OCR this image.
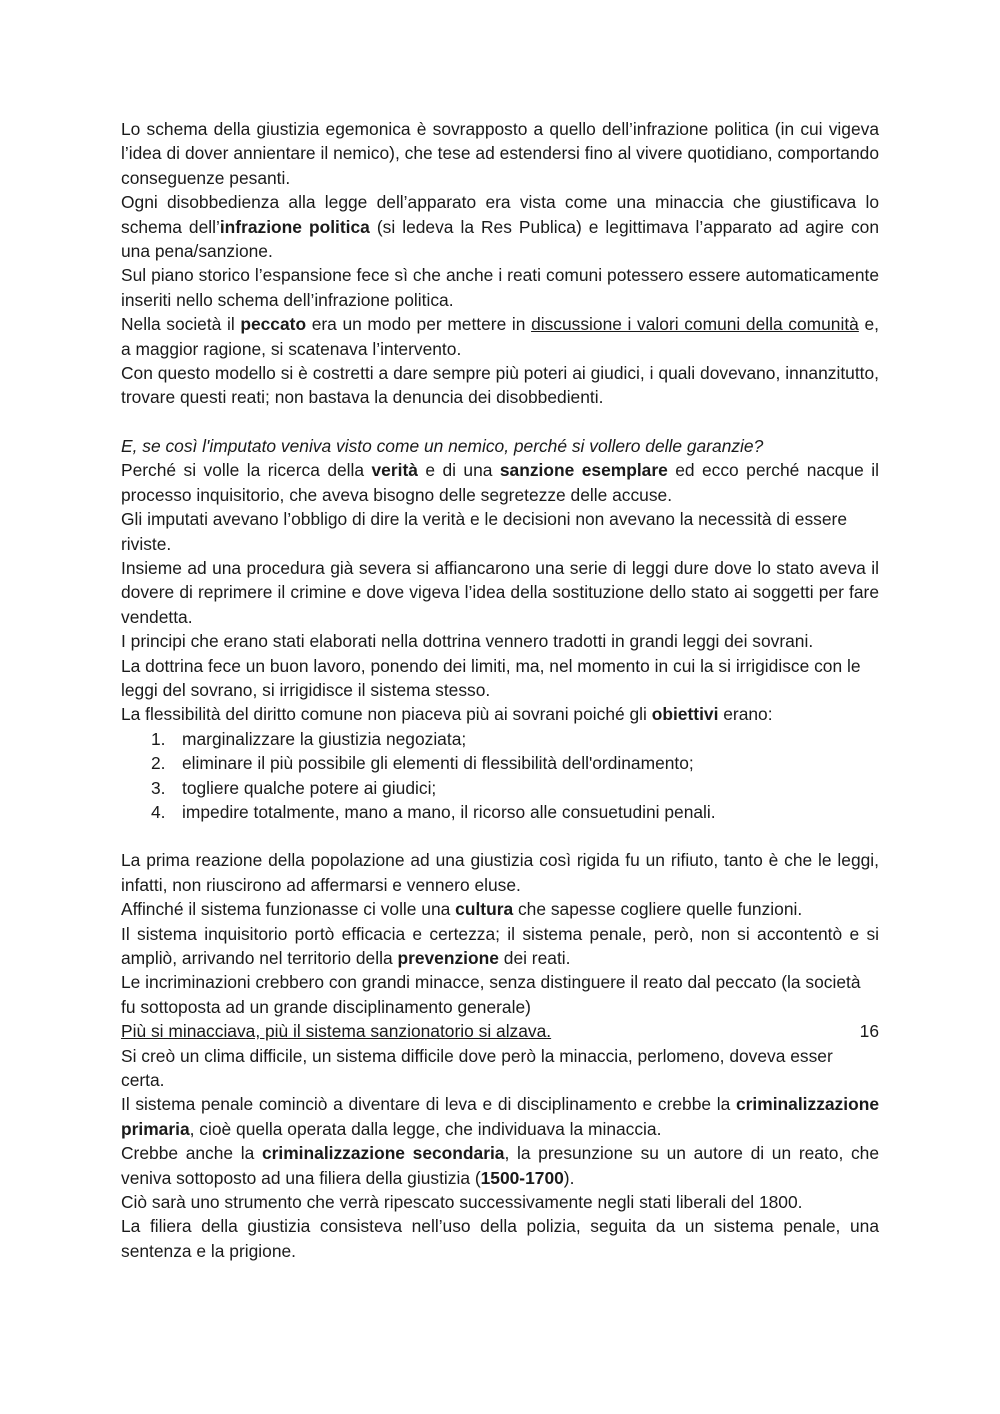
Lo schema della giustizia egemonica è sovrapposto a quello dell’infrazione politica (in cui vigeva l’idea di dover annientare il nemico), che tese ad estendersi fino al vivere quotidiano, comportando conseguenze pesanti.

Ogni disobbedienza alla legge dell’apparato era vista come una minaccia che giustificava lo schema dell’infrazione politica (si ledeva la Res Publica) e legittimava l’apparato ad agire con una pena/sanzione.

Sul piano storico l’espansione fece sì che anche i reati comuni potessero essere automaticamente inseriti nello schema dell’infrazione politica.

Nella società il peccato era un modo per mettere in discussione i valori comuni della comunità e, a maggior ragione, si scatenava l’intervento.

Con questo modello si è costretti a dare sempre più poteri ai giudici, i quali dovevano, innanzitutto, trovare questi reati; non bastava la denuncia dei disobbedienti.

E, se così l'imputato veniva visto come un nemico, perché si vollero delle garanzie?

Perché si volle la ricerca della verità e di una sanzione esemplare ed ecco perché nacque il processo inquisitorio, che aveva bisogno delle segretezze delle accuse.

Gli imputati avevano l’obbligo di dire la verità e le decisioni non avevano la necessità di essere riviste.

Insieme ad una procedura già severa si affiancarono una serie di leggi dure dove lo stato aveva il dovere di reprimere il crimine e dove vigeva l’idea della sostituzione dello stato ai soggetti per fare vendetta.

I principi che erano stati elaborati nella dottrina vennero tradotti in grandi leggi dei sovrani.

La dottrina fece un buon lavoro, ponendo dei limiti, ma, nel momento in cui la si irrigidisce con le leggi del sovrano, si irrigidisce il sistema stesso.

La flessibilità del diritto comune non piaceva più ai sovrani poiché gli obiettivi erano:

1. marginalizzare la giustizia negoziata;
2. eliminare il più possibile gli elementi di flessibilità dell'ordinamento;
3. togliere qualche potere ai giudici;
4. impedire totalmente, mano a mano, il ricorso alle consuetudini penali.

La prima reazione della popolazione ad una giustizia così rigida fu un rifiuto, tanto è che le leggi, infatti, non riuscirono ad affermarsi e vennero eluse.

Affinché il sistema funzionasse ci volle una cultura che sapesse cogliere quelle funzioni.

Il sistema inquisitorio portò efficacia e certezza; il sistema penale, però, non si accontentò e si ampliò, arrivando nel territorio della prevenzione dei reati.

Le incriminazioni crebbero con grandi minacce, senza distinguere il reato dal peccato (la società fu sottoposta ad un grande disciplinamento generale)

Più si minacciava, più il sistema sanzionatorio si alzava.

Si creò un clima difficile, un sistema difficile dove però la minaccia, perlomeno, doveva esser certa.

Il sistema penale cominciò a diventare di leva e di disciplinamento e crebbe la criminalizzazione primaria, cioè quella operata dalla legge, che individuava la minaccia.

Crebbe anche la criminalizzazione secondaria, la presunzione su un autore di un reato, che veniva sottoposto ad una filiera della giustizia (1500-1700).

Ciò sarà uno strumento che verrà ripescato successivamente negli stati liberali del 1800.

La filiera della giustizia consisteva nell’uso della polizia, seguita da un sistema penale, una sentenza e la prigione.

16
